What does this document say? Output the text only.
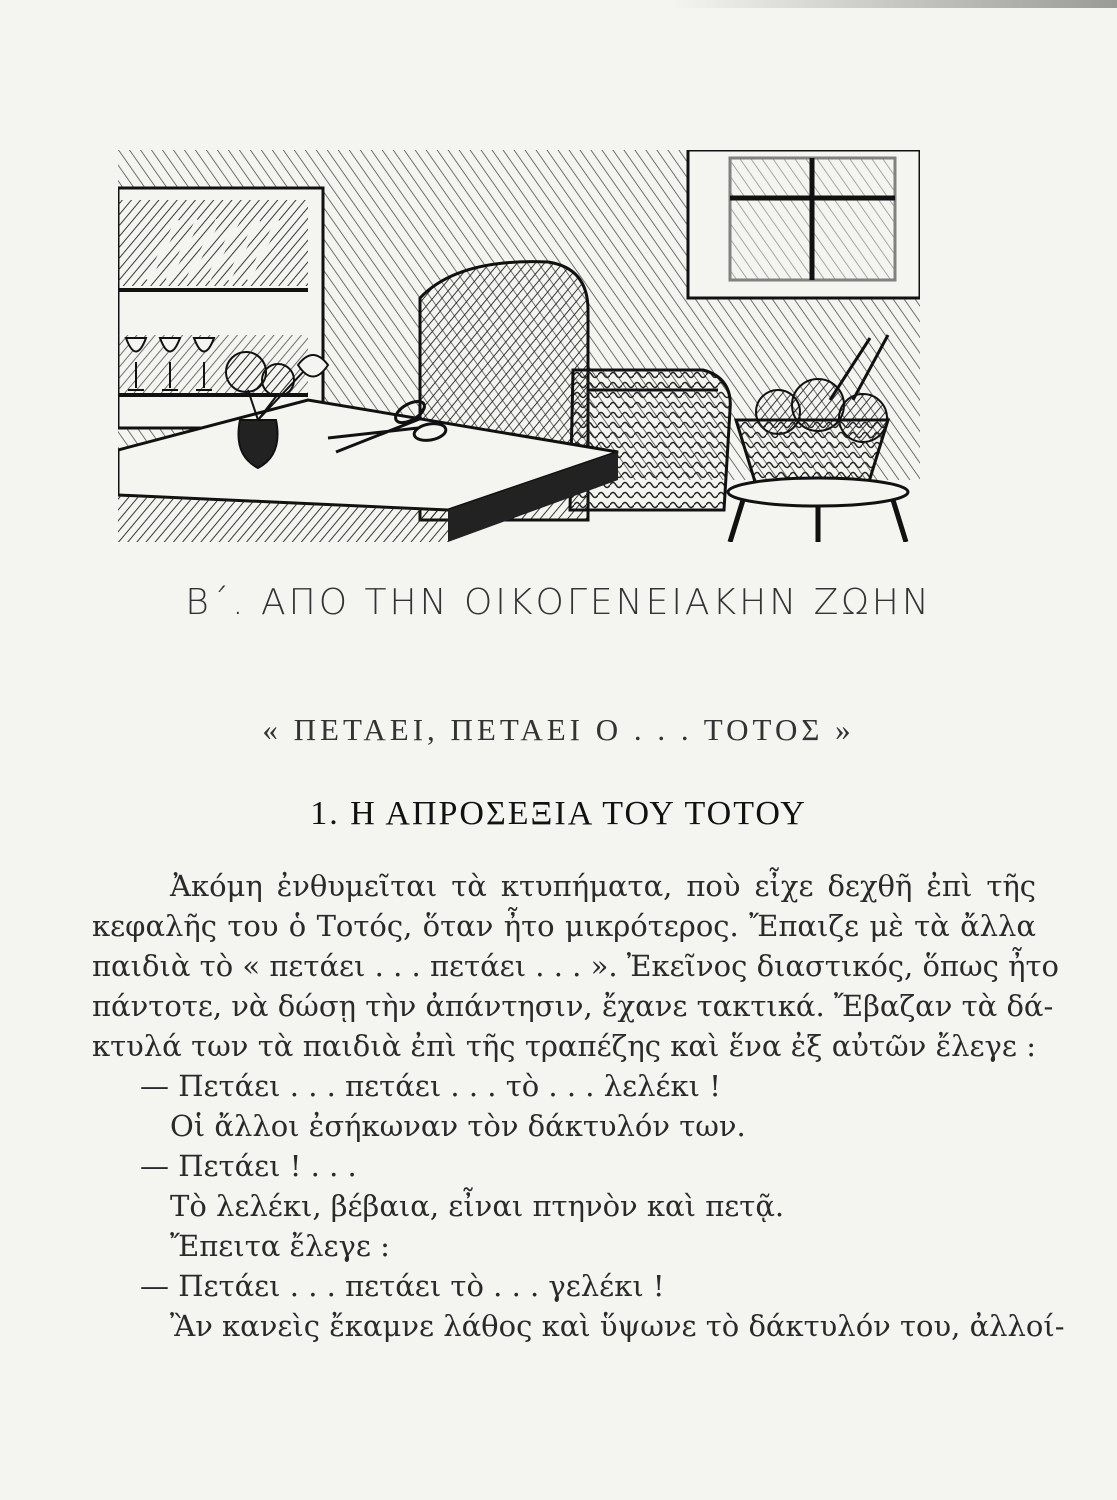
Β΄. ΑΠΟ ΤΗΝ ΟΙΚΟΓΕΝΕΙΑΚΗΝ ΖΩΗΝ
« ΠΕΤΑΕΙ, ΠΕΤΑΕΙ Ο . . . ΤΟΤΟΣ »
1. Η ΑΠΡΟΣΕΞΙΑ ΤΟΥ ΤΟΤΟΥ
Ἀκόμη ἐνθυμεῖται τὰ κτυπήματα, ποὺ εἶχε δεχθῆ ἐπὶ τῆς
κεφαλῆς του ὁ Τοτός, ὅταν ἦτο μικρότερος. Ἔπαιζε μὲ τὰ ἄλλα
παιδιὰ τὸ « πετάει . . . πετάει . . . ». Ἐκεῖνος διαστικός, ὅπως ἦτο
πάντοτε, νὰ δώσῃ τὴν ἀπάντησιν, ἔχανε τακτικά. Ἔβαζαν τὰ δά-
κτυλά των τὰ παιδιὰ ἐπὶ τῆς τραπέζης καὶ ἕνα ἐξ αὐτῶν ἔλεγε :
— Πετάει . . . πετάει . . . τὸ . . . λελέκι !
Οἱ ἄλλοι ἐσήκωναν τὸν δάκτυλόν των.
— Πετάει ! . . .
Τὸ λελέκι, βέβαια, εἶναι πτηνὸν καὶ πετᾷ.
Ἔπειτα ἔλεγε :
— Πετάει . . . πετάει τὸ . . . γελέκι !
Ἂν κανεὶς ἔκαμνε λάθος καὶ ὕψωνε τὸ δάκτυλόν του, ἀλλοί-
